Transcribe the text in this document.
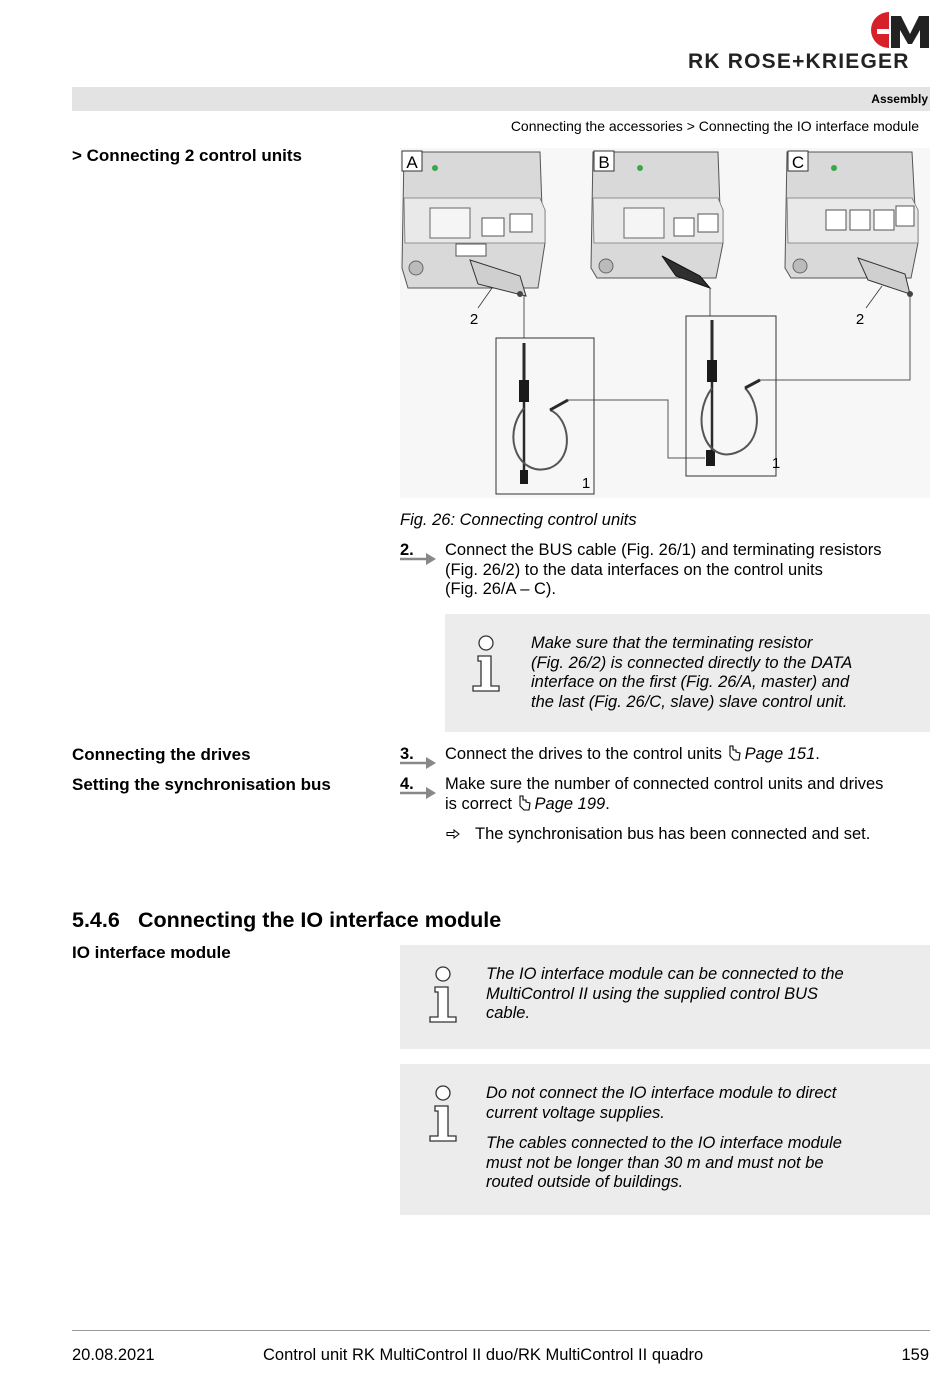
RK ROSE+KRIEGER
Assembly
Connecting the accessories > Connecting the IO interface module
> Connecting 2 control units
Connecting the drives
Setting the synchronisation bus
IO interface module
A	B	C
2
1
1
2
Fig. 26: Connecting control units
2. Connect the BUS cable (Fig. 26/1) and terminating resistors
(Fig. 26/2) to the data interfaces on the control units
(Fig. 26/A – C).
Make sure that the terminating resistor
(Fig. 26/2) is connected directly to the DATA
interface on the first (Fig. 26/A, master) and
the last (Fig. 26/C, slave) slave control unit.
3. Connect the drives to the control units Page 151.
4. Make sure the number of connected control units and drives
is correct Page 199.
The synchronisation bus has been connected and set.
5.4.6 Connecting the IO interface module
The IO interface module can be connected to the
MultiControl II using the supplied control BUS
cable.
Do not connect the IO interface module to direct
current voltage supplies.
The cables connected to the IO interface module
must not be longer than 30 m and must not be
routed outside of buildings.
20.08.2021	Control unit RK MultiControl II duo/RK MultiControl II quadro	159
